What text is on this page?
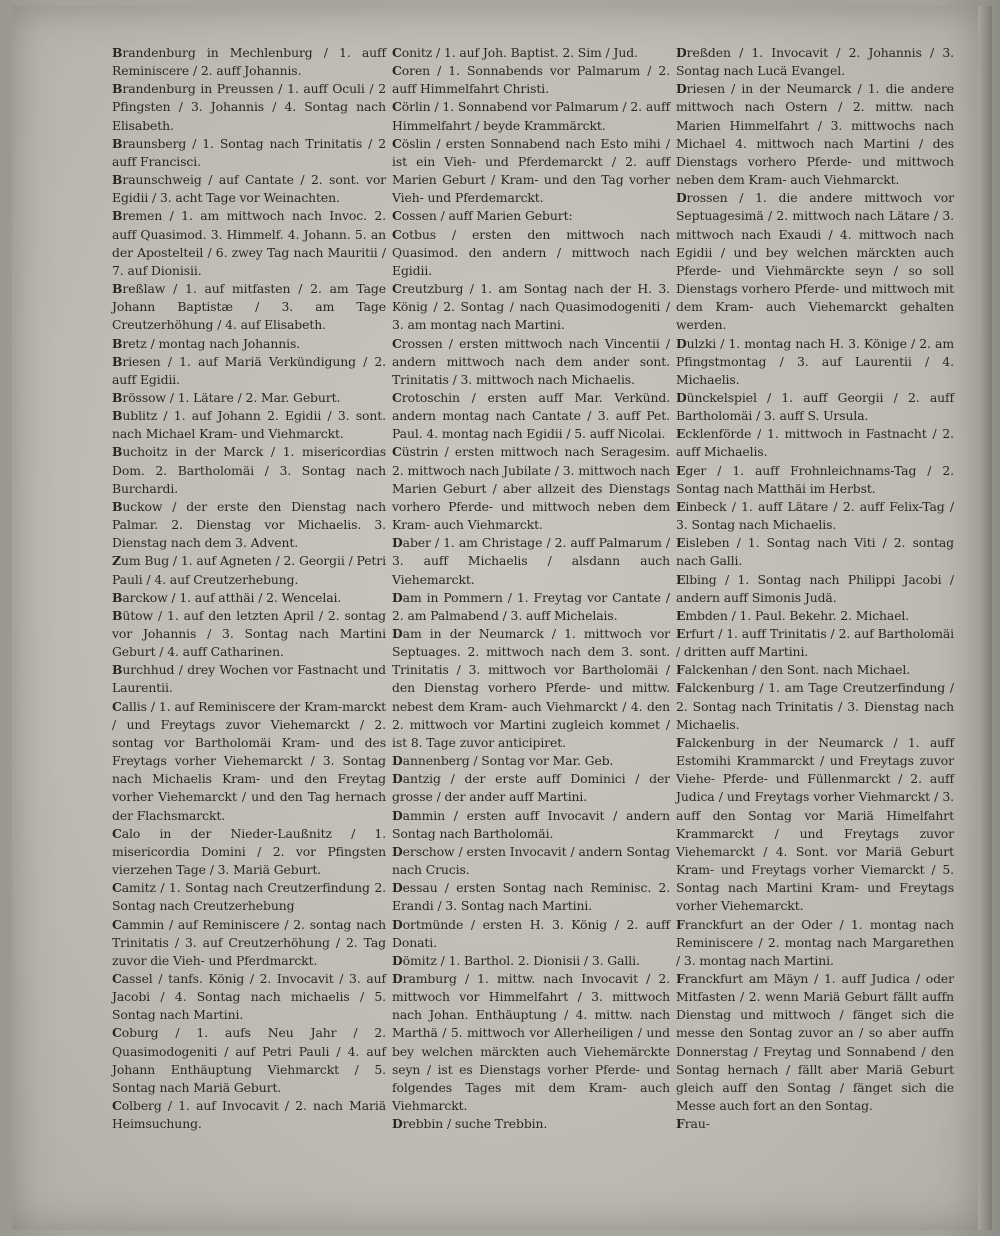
Brandenburg in Mechlenburg / 1. auff Reminiscere / 2. auff Johannis.

Brandenburg in Preussen / 1. auff Oculi / 2 Pfingsten / 3. Johannis / 4. Sontag nach Elisabeth.

Braunsberg / 1. Sontag nach Trinitatis / 2 auff Francisci.

Braunschweig / auf Cantate / 2. sont. vor Egidii / 3. acht Tage vor Weinachten.

Bremen / 1. am mittwoch nach Invoc. 2. auff Quasimod. 3. Himmelf. 4. Johann. 5. an der Apostelteil / 6. zwey Tag nach Mauritii / 7. auf Dionisii.

Breßlaw / 1. auf mitfasten / 2. am Tage Johann Baptistæ / 3. am Tage Creutzerhöhung / 4. auf Elisabeth.

Bretz / montag nach Johannis.

Briesen / 1. auf Mariä Verkündigung / 2. auff Egidii.

Brössow / 1. Lätare / 2. Mar. Geburt.

Bublitz / 1. auf Johann 2. Egidii / 3. sont. nach Michael Kram- und Viehmarckt.

Buchoitz in der Marck / 1. misericordias Dom. 2. Bartholomäi / 3. Sontag nach Burchardi.

Buckow / der erste den Dienstag nach Palmar. 2. Dienstag vor Michaelis. 3. Dienstag nach dem 3. Advent.

Zum Bug / 1. auf Agneten / 2. Georgii / Petri Pauli / 4. auf Creutzerhebung.

Barckow / 1. auf atthäi / 2. Wencelai.

Bütow / 1. auf den letzten April / 2. sontag vor Johannis / 3. Sontag nach Martini Geburt / 4. auff Catharinen.

Burchhud / drey Wochen vor Fastnacht und Laurentii.

Callis / 1. auf Reminiscere der Kram-marckt / und Freytags zuvor Viehemarckt / 2. sontag vor Bartholomäi Kram- und des Freytags vorher Viehemarckt / 3. Sontag nach Michaelis Kram- und den Freytag vorher Viehemarckt / und den Tag hernach der Flachsmarckt.

Calo in der Nieder-Laußnitz / 1. misericordia Domini / 2. vor Pfingsten vierzehen Tage / 3. Mariä Geburt.

Camitz / 1. Sontag nach Creutzerfindung 2. Sontag nach Creutzerhebung

Cammin / auf Reminiscere / 2. sontag nach Trinitatis / 3. auf Creutzerhöhung / 2. Tag zuvor die Vieh- und Pferdmarckt.

Cassel / tanfs. König / 2. Invocavit / 3. auf Jacobi / 4. Sontag nach michaelis / 5. Sontag nach Martini.

Coburg / 1. aufs Neu Jahr / 2. Quasimodogeniti / auf Petri Pauli / 4. auf Johann Enthäuptung Viehmarckt / 5. Sontag nach Mariä Geburt.

Colberg / 1. auf Invocavit / 2. nach Mariä Heimsuchung.

Conitz / 1. auf Joh. Baptist. 2. Sim / Jud.

Coren / 1. Sonnabends vor Palmarum / 2. auff Himmelfahrt Christi.

Cörlin / 1. Sonnabend vor Palmarum / 2. auff Himmelfahrt / beyde Krammärckt.

Cöslin / ersten Sonnabend nach Esto mihi / ist ein Vieh- und Pferdemarckt / 2. auff Marien Geburt / Kram- und den Tag vorher Vieh- und Pferdemarckt.

Cossen / auff Marien Geburt:

Cotbus / ersten den mittwoch nach Quasimod. den andern / mittwoch nach Egidii.

Creutzburg / 1. am Sontag nach der H. 3. König / 2. Sontag / nach Quasimodogeniti / 3. am montag nach Martini.

Crossen / ersten mittwoch nach Vincentii / andern mittwoch nach dem ander sont. Trinitatis / 3. mittwoch nach Michaelis.

Crotoschin / ersten auff Mar. Verkünd. andern montag nach Cantate / 3. auff Pet. Paul. 4. montag nach Egidii / 5. auff Nicolai.

Cüstrin / ersten mittwoch nach Seragesim. 2. mittwoch nach Jubilate / 3. mittwoch nach Marien Geburt / aber allzeit des Dienstags vorhero Pferde- und mittwoch neben dem Kram- auch Viehmarckt.

Daber / 1. am Christage / 2. auff Palmarum / 3. auff Michaelis / alsdann auch Viehemarckt.

Dam in Pommern / 1. Freytag vor Cantate / 2. am Palmabend / 3. auff Michelais.

Dam in der Neumarck / 1. mittwoch vor Septuages. 2. mittwoch nach dem 3. sont. Trinitatis / 3. mittwoch vor Bartholomäi / den Dienstag vorhero Pferde- und mittw. nebest dem Kram- auch Viehmarckt / 4. den 2. mittwoch vor Martini zugleich kommet / ist 8. Tage zuvor anticipiret.

Dannenberg / Sontag vor Mar. Geb.

Dantzig / der erste auff Dominici / der grosse / der ander auff Martini.

Dammin / ersten auff Invocavit / andern Sontag nach Bartholomäi.

Derschow / ersten Invocavit / andern Sontag nach Crucis.

Dessau / ersten Sontag nach Reminisc. 2. Erandi / 3. Sontag nach Martini.

Dortmünde / ersten H. 3. König / 2. auff Donati.

Dömitz / 1. Barthol. 2. Dionisii / 3. Galli.

Dramburg / 1. mittw. nach Invocavit / 2. mittwoch vor Himmelfahrt / 3. mittwoch nach Johan. Enthäuptung / 4. mittw. nach Marthä / 5. mittwoch vor Allerheiligen / und bey welchen märckten auch Viehemärckte seyn / ist es Dienstags vorher Pferde- und folgendes Tages mit dem Kram- auch Viehmarckt.

Drebbin / suche Trebbin.

Dreßden / 1. Invocavit / 2. Johannis / 3. Sontag nach Lucä Evangel.

Driesen / in der Neumarck / 1. die andere mittwoch nach Ostern / 2. mittw. nach Marien Himmelfahrt / 3. mittwochs nach Michael 4. mittwoch nach Martini / des Dienstags vorhero Pferde- und mittwoch neben dem Kram- auch Viehmarckt.

Drossen / 1. die andere mittwoch vor Septuagesimä / 2. mittwoch nach Lätare / 3. mittwoch nach Exaudi / 4. mittwoch nach Egidii / und bey welchen märckten auch Pferde- und Viehmärckte seyn / so soll Dienstags vorhero Pferde- und mittwoch mit dem Kram- auch Viehemarckt gehalten werden.

Dulzki / 1. montag nach H. 3. Könige / 2. am Pfingstmontag / 3. auf Laurentii / 4. Michaelis.

Dünckelspiel / 1. auff Georgii / 2. auff Bartholomäi / 3. auff S. Ursula.

Ecklenförde / 1. mittwoch in Fastnacht / 2. auff Michaelis.

Eger / 1. auff Frohnleichnams-Tag / 2. Sontag nach Matthäi im Herbst.

Einbeck / 1. auff Lätare / 2. auff Felix-Tag / 3. Sontag nach Michaelis.

Eisleben / 1. Sontag nach Viti / 2. sontag nach Galli.

Elbing / 1. Sontag nach Philippi Jacobi / andern auff Simonis Judä.

Embden / 1. Paul. Bekehr. 2. Michael.

Erfurt / 1. auff Trinitatis / 2. auf Bartholomäi / dritten auff Martini.

Falckenhan / den Sont. nach Michael.

Falckenburg / 1. am Tage Creutzerfindung / 2. Sontag nach Trinitatis / 3. Dienstag nach Michaelis.

Falckenburg in der Neumarck / 1. auff Estomihi Krammarckt / und Freytags zuvor Viehe- Pferde- und Füllenmarckt / 2. auff Judica / und Freytags vorher Viehmarckt / 3. auff den Sontag vor Mariä Himelfahrt Krammarckt / und Freytags zuvor Viehemarckt / 4. Sont. vor Mariä Geburt Kram- und Freytags vorher Viemarckt / 5. Sontag nach Martini Kram- und Freytags vorher Viehemarckt.

Franckfurt an der Oder / 1. montag nach Reminiscere / 2. montag nach Margarethen / 3. montag nach Martini.

Franckfurt am Mäyn / 1. auff Judica / oder Mitfasten / 2. wenn Mariä Geburt fällt auffn Dienstag und mittwoch / fänget sich die messe den Sontag zuvor an / so aber auffn Donnerstag / Freytag und Sonnabend / den Sontag hernach / fällt aber Mariä Geburt gleich auff den Sontag / fänget sich die Messe auch fort an den Sontag.

Frau-
